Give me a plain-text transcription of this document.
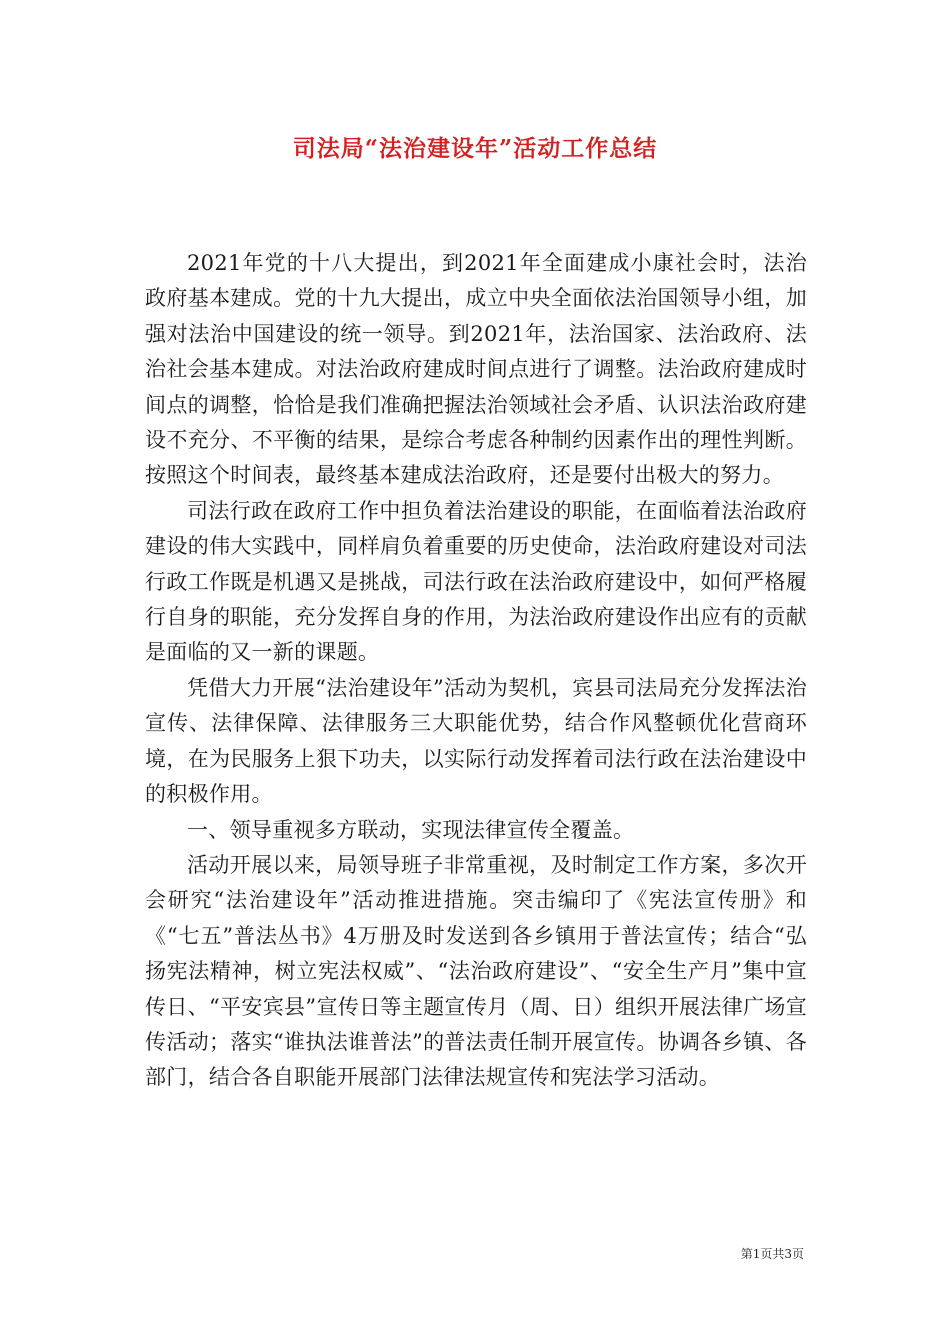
司法局“法治建设年”活动工作总结

2021年党的十八大提出，到2021年全面建成小康社会时，法治政府基本建成。党的十九大提出，成立中央全面依法治国领导小组，加强对法治中国建设的统一领导。到2021年，法治国家、法治政府、法治社会基本建成。对法治政府建成时间点进行了调整。法治政府建成时间点的调整，恰恰是我们准确把握法治领域社会矛盾、认识法治政府建设不充分、不平衡的结果，是综合考虑各种制约因素作出的理性判断。按照这个时间表，最终基本建成法治政府，还是要付出极大的努力。

司法行政在政府工作中担负着法治建设的职能，在面临着法治政府建设的伟大实践中，同样肩负着重要的历史使命，法治政府建设对司法行政工作既是机遇又是挑战，司法行政在法治政府建设中，如何严格履行自身的职能，充分发挥自身的作用，为法治政府建设作出应有的贡献是面临的又一新的课题。

凭借大力开展“法治建设年”活动为契机，宾县司法局充分发挥法治宣传、法律保障、法律服务三大职能优势，结合作风整顿优化营商环境，在为民服务上狠下功夫，以实际行动发挥着司法行政在法治建设中的积极作用。

一、领导重视多方联动，实现法律宣传全覆盖。

活动开展以来，局领导班子非常重视，及时制定工作方案，多次开会研究“法治建设年”活动推进措施。突击编印了《宪法宣传册》和《“七五”普法丛书》4万册及时发送到各乡镇用于普法宣传；结合“弘扬宪法精神，树立宪法权威”、“法治政府建设”、“安全生产月”集中宣传日、“平安宾县”宣传日等主题宣传月（周、日）组织开展法律广场宣传活动；落实“谁执法谁普法”的普法责任制开展宣传。协调各乡镇、各部门，结合各自职能开展部门法律法规宣传和宪法学习活动。

第1页共3页
